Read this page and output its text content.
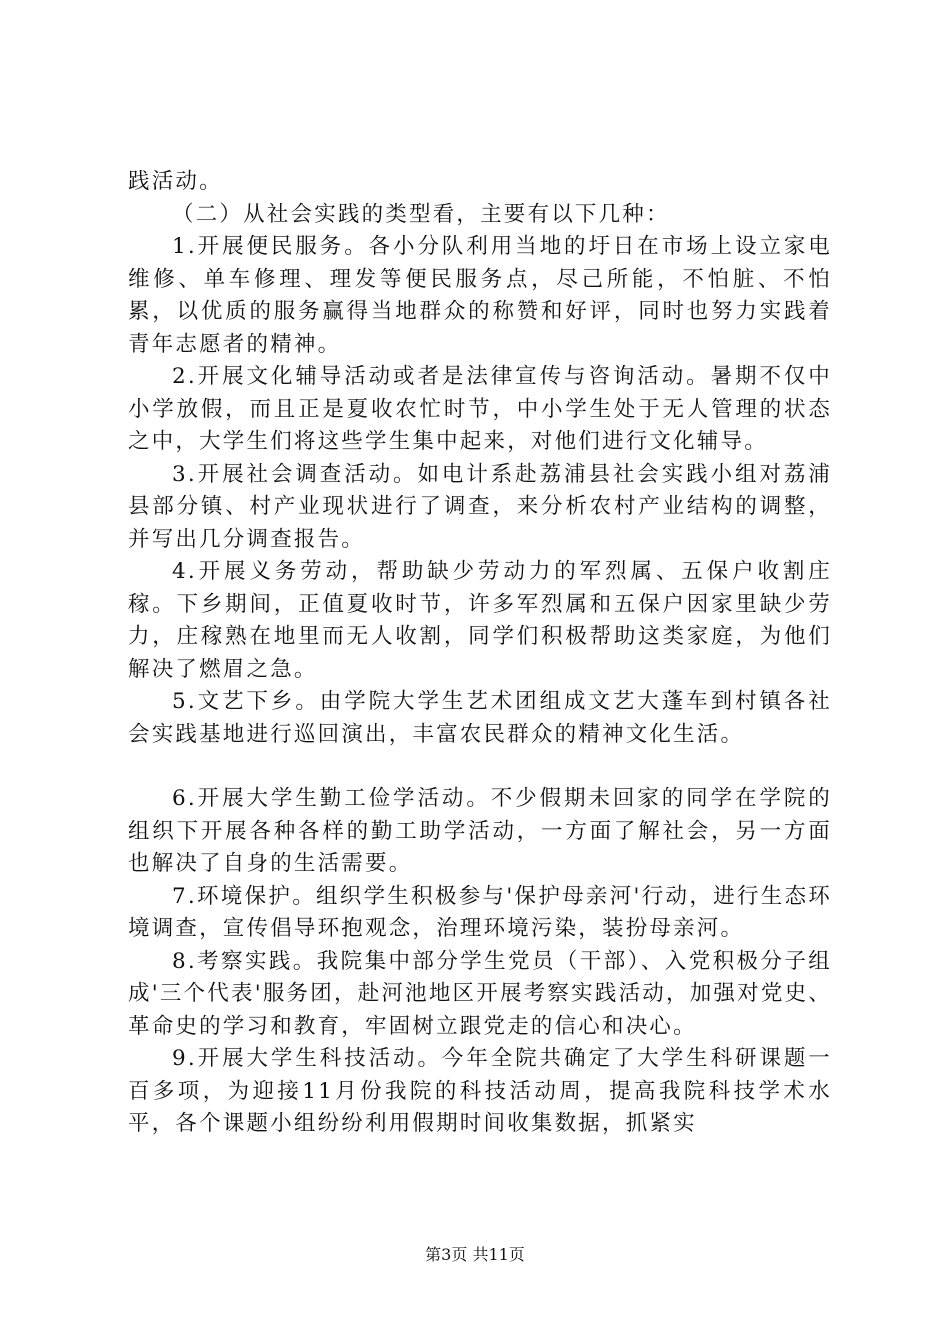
践活动。

（二）从社会实践的类型看，主要有以下几种：

1.开展便民服务。各小分队利用当地的圩日在市场上设立家电维修、单车修理、理发等便民服务点，尽己所能，不怕脏、不怕累，以优质的服务赢得当地群众的称赞和好评，同时也努力实践着青年志愿者的精神。

2.开展文化辅导活动或者是法律宣传与咨询活动。暑期不仅中小学放假，而且正是夏收农忙时节，中小学生处于无人管理的状态之中，大学生们将这些学生集中起来，对他们进行文化辅导。

3.开展社会调查活动。如电计系赴荔浦县社会实践小组对荔浦县部分镇、村产业现状进行了调查，来分析农村产业结构的调整，并写出几分调查报告。

4.开展义务劳动，帮助缺少劳动力的军烈属、五保户收割庄稼。下乡期间，正值夏收时节，许多军烈属和五保户因家里缺少劳力，庄稼熟在地里而无人收割，同学们积极帮助这类家庭，为他们解决了燃眉之急。

5.文艺下乡。由学院大学生艺术团组成文艺大蓬车到村镇各社会实践基地进行巡回演出，丰富农民群众的精神文化生活。

6.开展大学生勤工俭学活动。不少假期未回家的同学在学院的组织下开展各种各样的勤工助学活动，一方面了解社会，另一方面也解决了自身的生活需要。

7.环境保护。组织学生积极参与'保护母亲河'行动，进行生态环境调查，宣传倡导环抱观念，治理环境污染，装扮母亲河。

8.考察实践。我院集中部分学生党员（干部）、入党积极分子组成'三个代表'服务团，赴河池地区开展考察实践活动，加强对党史、革命史的学习和教育，牢固树立跟党走的信心和决心。

9.开展大学生科技活动。今年全院共确定了大学生科研课题一百多项，为迎接11月份我院的科技活动周，提高我院科技学术水平，各个课题小组纷纷利用假期时间收集数据，抓紧实

第3页 共11页
